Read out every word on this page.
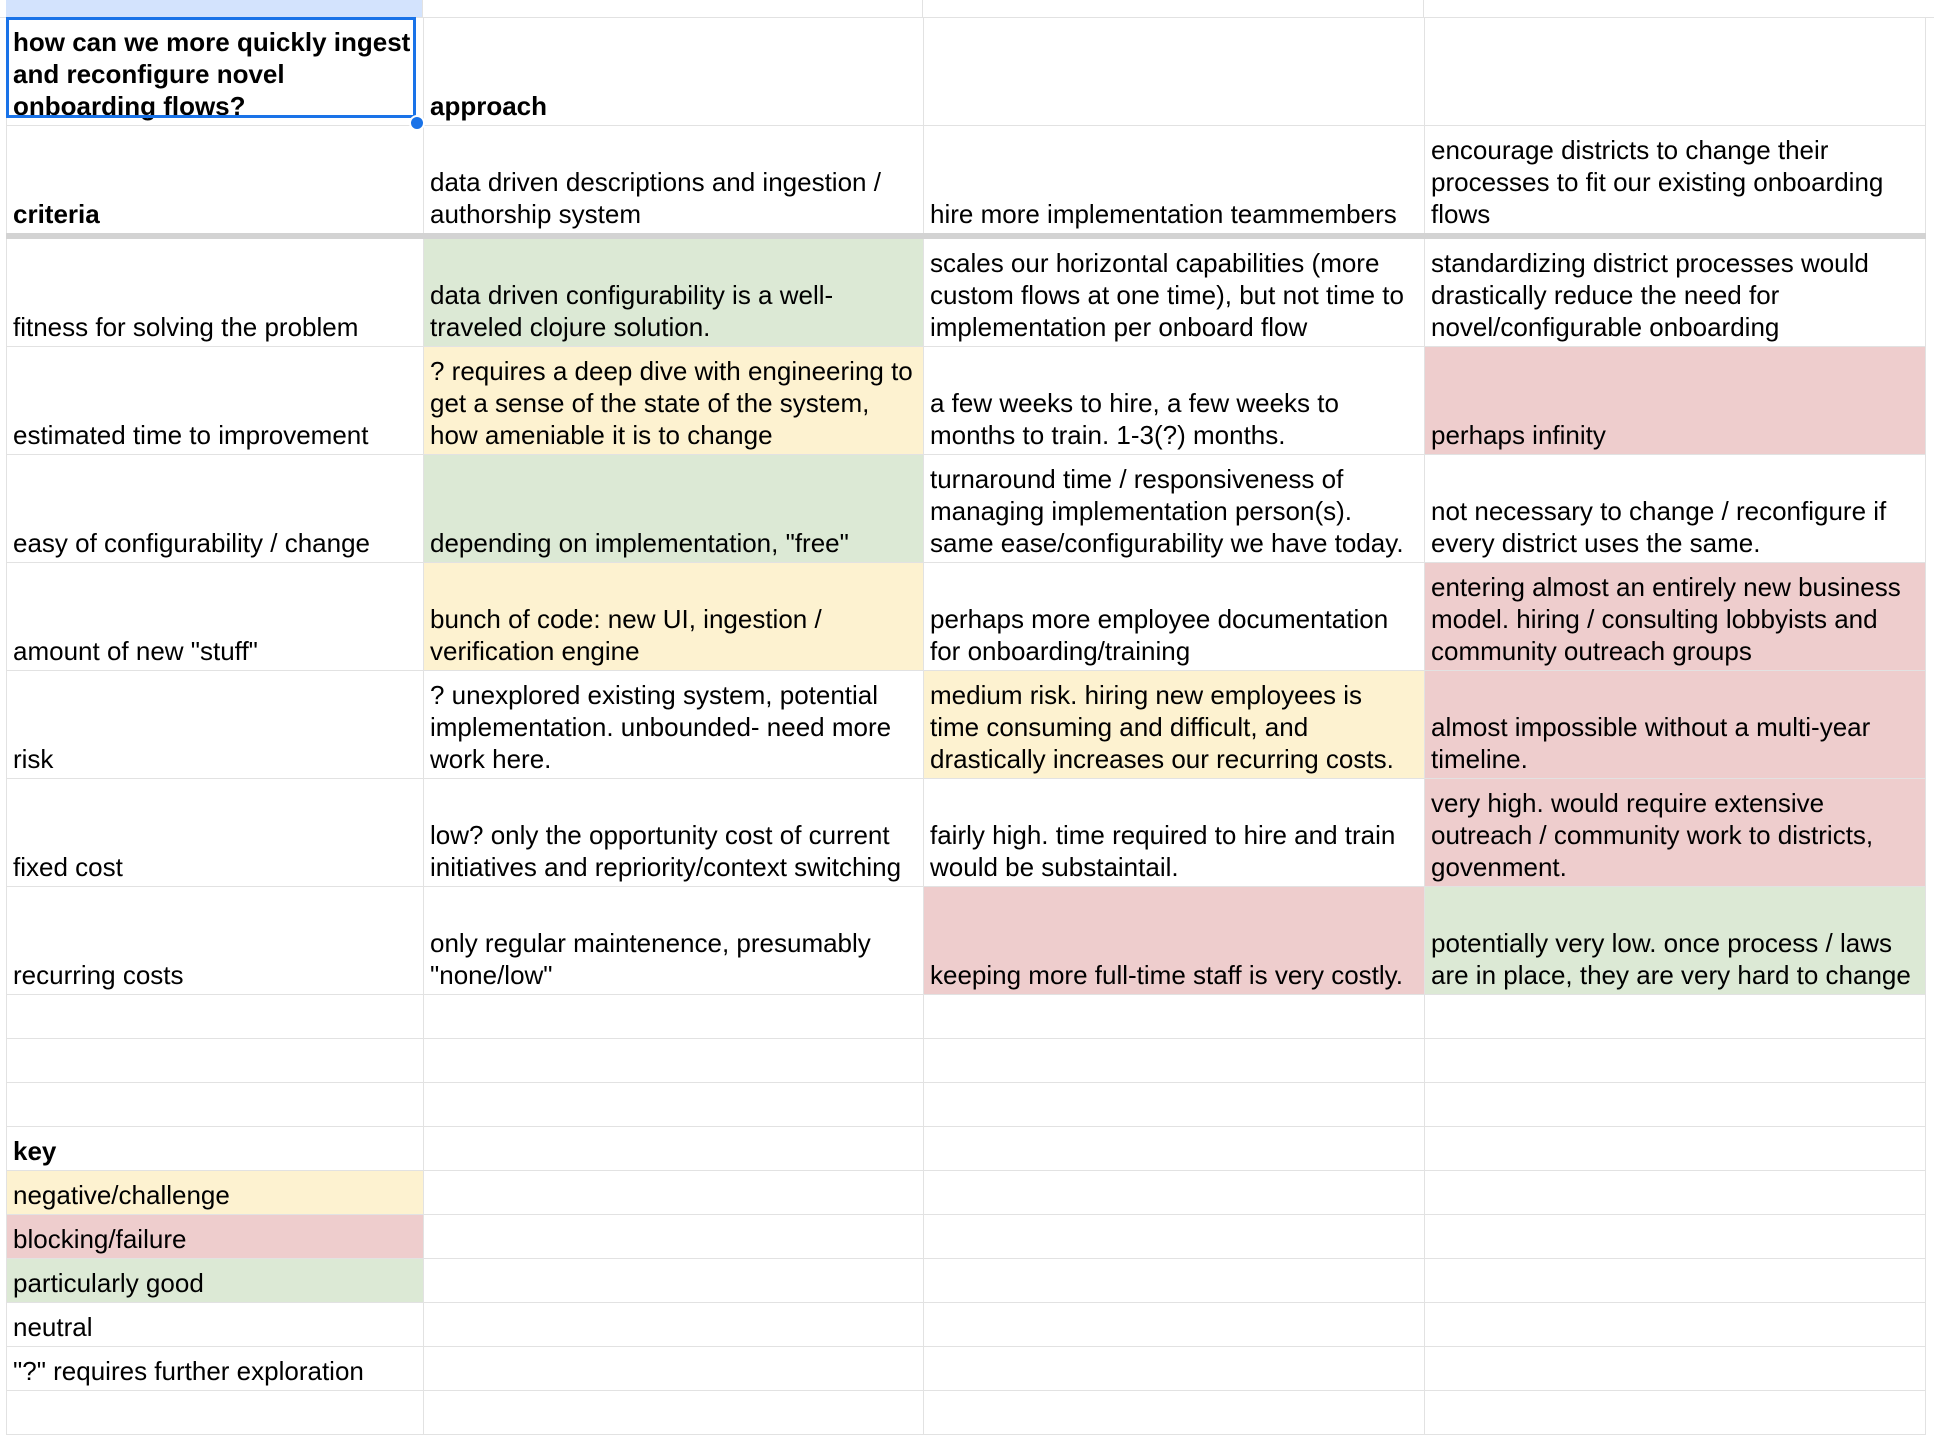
how can we more quickly ingest and reconfigure novel onboarding flows?	approach		
criteria	data driven descriptions and ingestion / authorship system	hire more implementation teammembers	encourage districts to change their processes to fit our existing onboarding flows
fitness for solving the problem	data driven configurability is a well-traveled clojure solution.	scales our horizontal capabilities (more custom flows at one time), but not time to implementation per onboard flow	standardizing district processes would drastically reduce the need for novel/configurable onboarding
estimated time to improvement	? requires a deep dive with engineering to get a sense of the state of the system, how ameniable it is to change	a few weeks to hire, a few weeks to months to train. 1-3(?) months.	perhaps infinity
easy of configurability / change	depending on implementation, "free"	turnaround time / responsiveness of managing implementation person(s). same ease/configurability we have today.	not necessary to change / reconfigure if every district uses the same.
amount of new "stuff"	bunch of code: new UI, ingestion / verification engine	perhaps more employee documentation for onboarding/training	entering almost an entirely new business model. hiring / consulting lobbyists and community outreach groups
risk	? unexplored existing system, potential implementation. unbounded- need more work here.	medium risk. hiring new employees is time consuming and difficult, and drastically increases our recurring costs.	almost impossible without a multi-year timeline.
fixed cost	low? only the opportunity cost of current initiatives and repriority/context switching	fairly high. time required to hire and train would be substaintail.	very high. would require extensive outreach / community work to districts, govenment.
recurring costs	only regular maintenence, presumably "none/low"	keeping more full-time staff is very costly.	potentially very low. once process / laws are in place, they are very hard to change

key			
negative/challenge			
blocking/failure			
particularly good			
neutral			
"?" requires further exploration			
